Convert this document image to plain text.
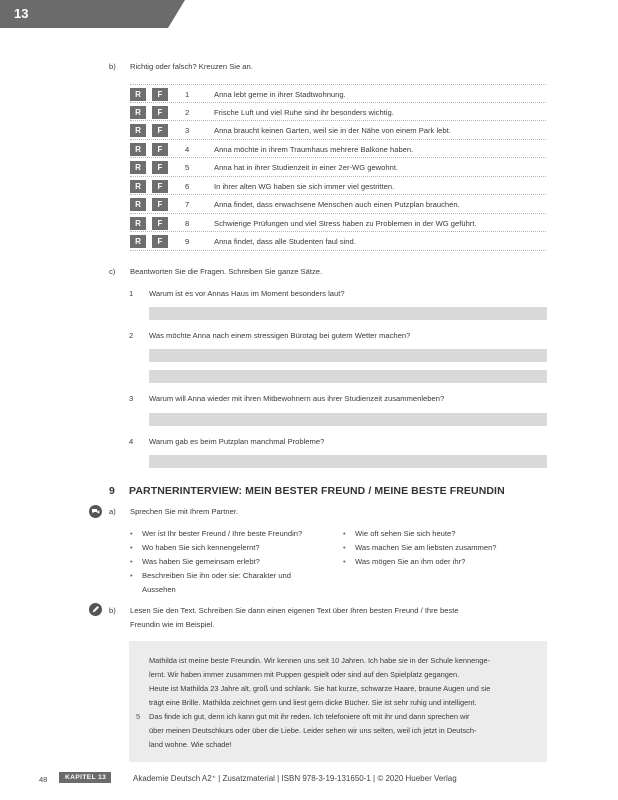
13
b) Richtig oder falsch? Kreuzen Sie an.
R	F	1	Anna lebt gerne in ihrer Stadtwohnung.
R	F	2	Frische Luft und viel Ruhe sind ihr besonders wichtig.
R	F	3	Anna braucht keinen Garten, weil sie in der Nähe von einem Park lebt.
R	F	4	Anna möchte in ihrem Traumhaus mehrere Balkone haben.
R	F	5	Anna hat in ihrer Studienzeit in einer 2er-WG gewohnt.
R	F	6	In ihrer alten WG haben sie sich immer viel gestritten.
R	F	7	Anna findet, dass erwachsene Menschen auch einen Putzplan brauchen.
R	F	8	Schwierige Prüfungen und viel Stress haben zu Problemen in der WG geführt.
R	F	9	Anna findet, dass alle Studenten faul sind.
c) Beantworten Sie die Fragen. Schreiben Sie ganze Sätze.
1 Warum ist es vor Annas Haus im Moment besonders laut?
2 Was möchte Anna nach einem stressigen Bürotag bei gutem Wetter machen?
3 Warum will Anna wieder mit ihren Mitbewohnern aus ihrer Studienzeit zusammenleben?
4 Warum gab es beim Putzplan manchmal Probleme?
9 PARTNERINTERVIEW: MEIN BESTER FREUND / MEINE BESTE FREUNDIN
a) Sprechen Sie mit Ihrem Partner.
• Wer ist Ihr bester Freund / Ihre beste Freundin?
• Wo haben Sie sich kennengelernt?
• Was haben Sie gemeinsam erlebt?
• Beschreiben Sie ihn oder sie: Charakter und
Aussehen
• Wie oft sehen Sie sich heute?
• Was machen Sie am liebsten zusammen?
• Was mögen Sie an ihm oder ihr?
b) Lesen Sie den Text. Schreiben Sie dann einen eigenen Text über Ihren besten Freund / Ihre beste
Freundin wie im Beispiel.
Mathilda ist meine beste Freundin. Wir kennen uns seit 10 Jahren. Ich habe sie in der Schule kennenge-
lernt. Wir haben immer zusammen mit Puppen gespielt oder sind auf den Spielplatz gegangen.
Heute ist Mathilda 23 Jahre alt, groß und schlank. Sie hat kurze, schwarze Haare, braune Augen und sie
trägt eine Brille. Mathilda zeichnet gern und liest gern dicke Bücher. Sie ist sehr ruhig und intelligent.
5 Das finde ich gut, denn ich kann gut mit ihr reden. Ich telefoniere oft mit ihr und dann sprechen wir
über meinen Deutschkurs oder über die Liebe. Leider sehen wir uns selten, weil ich jetzt in Deutsch-
land wohne. Wie schade!
48	KAPITEL 13	Akademie Deutsch A2⁺ | Zusatzmaterial | ISBN 978-3-19-131650-1 | © 2020 Hueber Verlag
